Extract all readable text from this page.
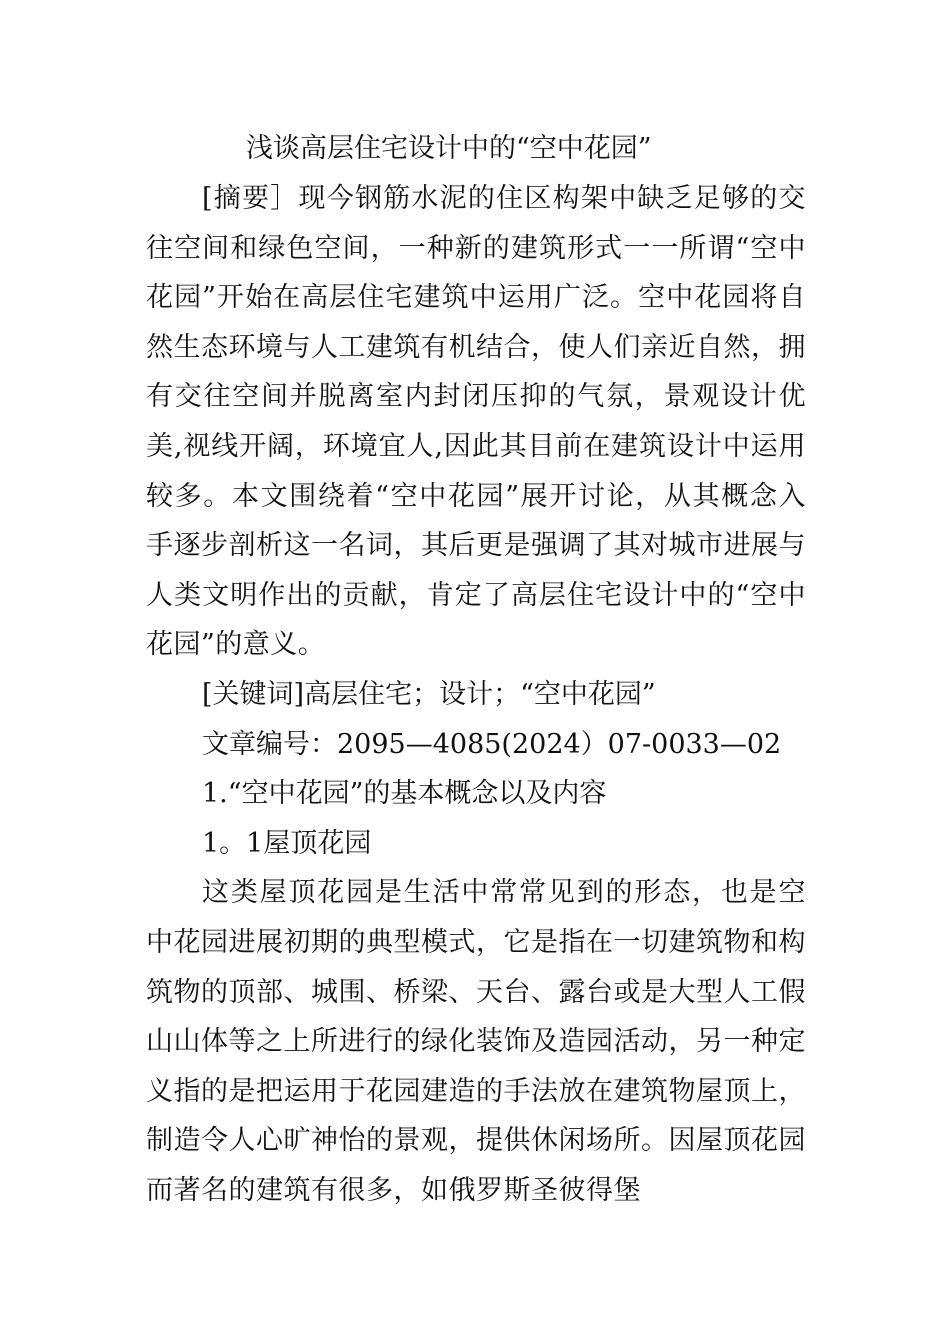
浅谈高层住宅设计中的“空中花园”

[摘要］现今钢筋水泥的住区构架中缺乏足够的交往空间和绿色空间，一种新的建筑形式一一所谓“空中花园”开始在高层住宅建筑中运用广泛。空中花园将自然生态环境与人工建筑有机结合，使人们亲近自然，拥有交往空间并脱离室内封闭压抑的气氛，景观设计优美,视线开阔，环境宜人,因此其目前在建筑设计中运用较多。本文围绕着“空中花园”展开讨论，从其概念入手逐步剖析这一名词，其后更是强调了其对城市进展与人类文明作出的贡献，肯定了高层住宅设计中的“空中花园”的意义。

[关键词]高层住宅；设计；“空中花园”

文章编号：2095—4085(2024）07-0033—02

1.“空中花园”的基本概念以及内容

1。1屋顶花园

这类屋顶花园是生活中常常见到的形态，也是空中花园进展初期的典型模式，它是指在一切建筑物和构筑物的顶部、城围、桥梁、天台、露台或是大型人工假山山体等之上所进行的绿化装饰及造园活动，另一种定义指的是把运用于花园建造的手法放在建筑物屋顶上，制造令人心旷神怡的景观，提供休闲场所。因屋顶花园而著名的建筑有很多，如俄罗斯圣彼得堡
